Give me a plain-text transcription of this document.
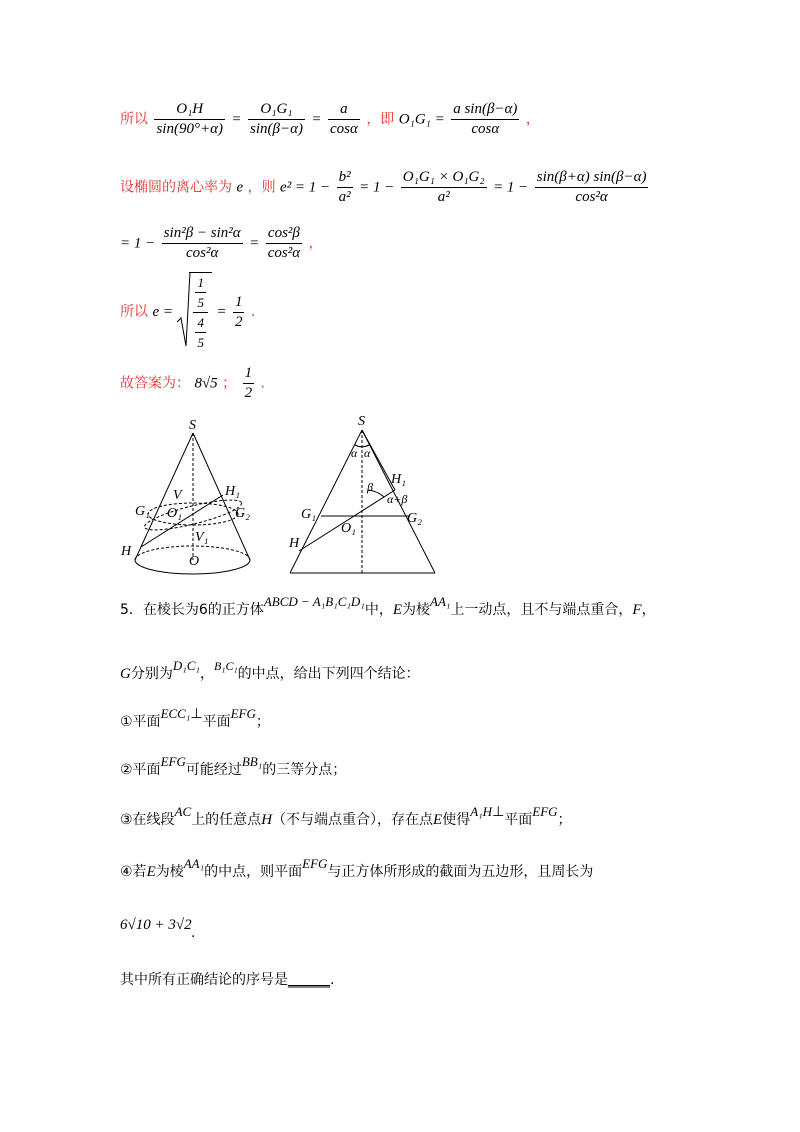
所以 $\frac{\text{O₁H}}{\sin(90^\circ+\alpha)} = \frac{\text{O₁G₁}}{\sin(\beta-\alpha)} = \frac{a}{\cos\alpha}$ ，即 $O_1G_1 = \frac{\text{a sin(β−α)}}{\cos\alpha}$ ，
设椭圆的离心率为 e ，则 $e^2 = 1 - \frac{\text{b²}}{\text{a²}} = 1 - \frac{\text{O₁G₁ × O₁G₂}}{\text{a²}} = 1 - \frac{\sin(\beta+\alpha) \sin(\beta-\alpha)}{\text{cos²α}}$
= $1 - \frac{\text{sin²β − sin²α}}{\text{cos²α}} = \frac{\text{cos²β}}{\text{cos²α}}$ ，
所以 $e = \frac{\frac{1}{5}}{\frac{4}{5}} = \frac{1}{2}$ .
故答案为： 8√5 ； $\frac{1}{2}$ .
S
H₁
V
G₁ O₁	G₂
V₁
H
O
S
α α
H₁
β
α+β
G₁	G₂
O₁
H
5．在棱长为6的正方体ABCD − A₁B₁C₁D₁中，E为棱AA₁上一动点，且不与端点重合，F，
G分别为D₁C₁，B₁C₁的中点，给出下列四个结论：
①平面ECC₁⊥平面EFG；
②平面EFG可能经过BB₁的三等分点；
③在线段AC上的任意点H（不与端点重合），存在点E使得A₁H⊥平面EFG；
④若E为棱AA₁的中点，则平面EFG与正方体所形成的截面为五边形，且周长为
6√10 + 3√2.
其中所有正确结论的序号是______.
